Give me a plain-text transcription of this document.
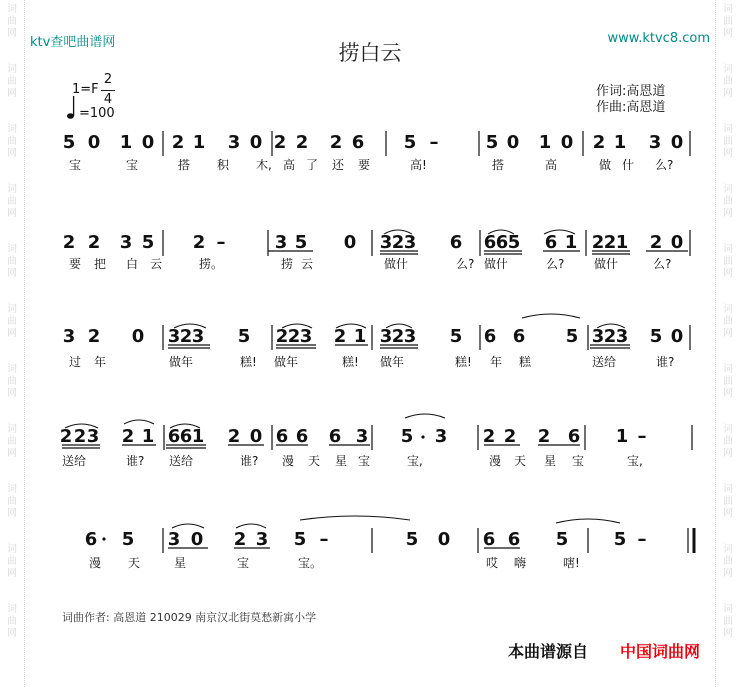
词
曲
网
词
曲
网
词
曲
网
词
曲
网
词
曲
网
词
曲
网
词
曲
网
词
曲
网
词
曲
网
词
曲
网
词
曲
网
词
曲
网
词
曲
网
词
曲
网
词
曲
网
词
曲
网
词
曲
网
词
曲
网
词
曲
网
词
曲
网
词
曲
网
词
曲
网
ktv查吧曲谱网	www.ktvc8.com
捞白云
1=F
2
4
=100
作词:高恩道
作曲:高恩道
5 0 1 0 2 1 3 0 2 2 2 6 5 –	5 0 1 0 2 1 3 0
宝	宝	搭 积 木, 高 了 还 要	高!	搭	高	做 什 么?
2 2 3 5 2 –	3 5 0 3 2 3 6 6 6 5 6 1 2 2 1 2 0
要 把 白 云	捞。	捞 云	做什	么? 做什	么? 做什	么?
3 2 0 3 2 3 5 2 2 3 2 1 3 2 3 5 6 6 5 3 2 3 5 0
过 年	做年	糕! 做年	糕! 做年	糕! 年 糕	送给	谁?
2 2 3 2 1 6 6 1 2 0 6 6 6 3 5 3 2 2 2 6 1 –
送给	谁? 送给	谁? 漫 天 星 宝	宝,	漫 天 星 宝	宝,
6 5 3 0 2 3 5 –	5 0 6 6 5	5 –
漫 天	星	宝	宝。	哎 嗨	嗐!
词曲作者: 高恩道 210029 南京汉北街莫愁新寓小学
本曲谱源自 中国词曲网
